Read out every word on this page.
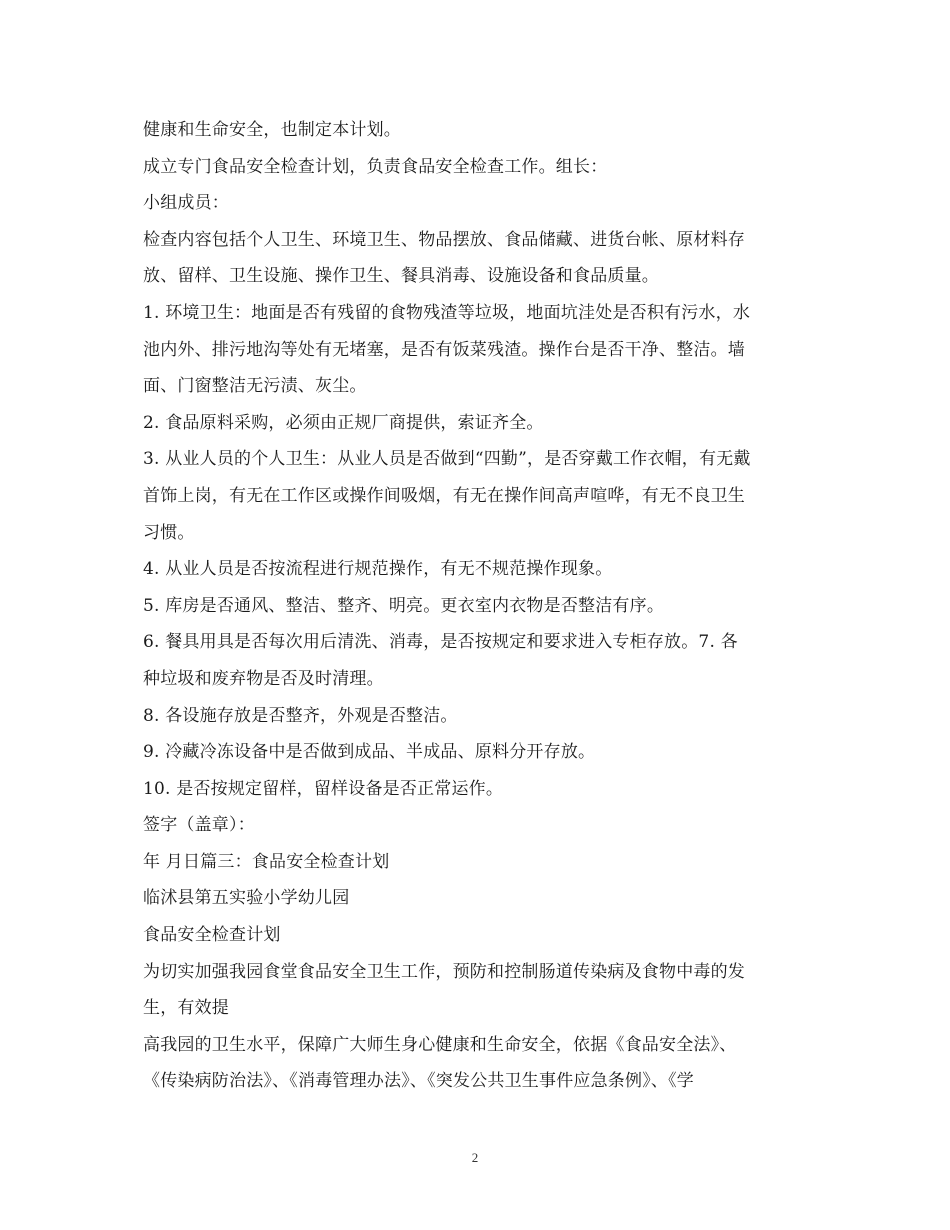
健康和生命安全，也制定本计划。
成立专门食品安全检查计划，负责食品安全检查工作。组长：
小组成员：
检查内容包括个人卫生、环境卫生、物品摆放、食品储藏、进货台帐、原材料存
放、留样、卫生设施、操作卫生、餐具消毒、设施设备和食品质量。
1. 环境卫生：地面是否有残留的食物残渣等垃圾，地面坑洼处是否积有污水，水
池内外、排污地沟等处有无堵塞，是否有饭菜残渣。操作台是否干净、整洁。墙
面、门窗整洁无污渍、灰尘。
2. 食品原料采购，必须由正规厂商提供，索证齐全。
3. 从业人员的个人卫生：从业人员是否做到“四勤”，是否穿戴工作衣帽，有无戴
首饰上岗，有无在工作区或操作间吸烟，有无在操作间高声喧哗，有无不良卫生
习惯。
4. 从业人员是否按流程进行规范操作，有无不规范操作现象。
5. 库房是否通风、整洁、整齐、明亮。更衣室内衣物是否整洁有序。
6. 餐具用具是否每次用后清洗、消毒，是否按规定和要求进入专柜存放。7. 各
种垃圾和废弃物是否及时清理。
8. 各设施存放是否整齐，外观是否整洁。
9. 冷藏冷冻设备中是否做到成品、半成品、原料分开存放。
10. 是否按规定留样，留样设备是否正常运作。
签字（盖章）：
年 月日篇三：食品安全检查计划
临沭县第五实验小学幼儿园
食品安全检查计划
为切实加强我园食堂食品安全卫生工作，预防和控制肠道传染病及食物中毒的发
生，有效提
高我园的卫生水平，保障广大师生身心健康和生命安全，依据《食品安全法》、
《传染病防治法》、《消毒管理办法》、《突发公共卫生事件应急条例》、《学
2
